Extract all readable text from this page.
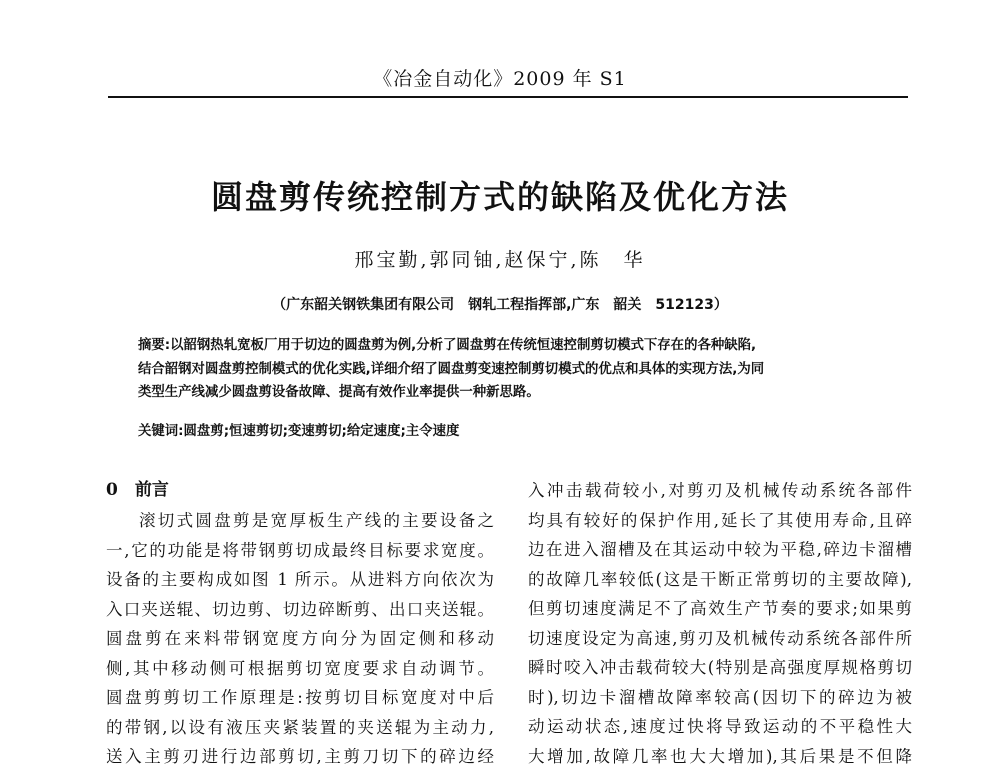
《冶金自动化》2009 年 S1
圆盘剪传统控制方式的缺陷及优化方法
邢宝勤,郭同铀,赵保宁,陈　华
（广东韶关钢铁集团有限公司　钢轧工程指挥部,广东　韶关　512123）

摘要:以韶钢热轧宽板厂用于切边的圆盘剪为例,分析了圆盘剪在传统恒速控制剪切模式下存在的各种缺陷,

结合韶钢对圆盘剪控制模式的优化实践,详细介绍了圆盘剪变速控制剪切模式的优点和具体的实现方法,为同

类型生产线减少圆盘剪设备故障、提高有效作业率提供一种新思路。

关键词:圆盘剪;恒速剪切;变速剪切;给定速度;主令速度
0　前言
滚切式圆盘剪是宽厚板生产线的主要设备之
一,它的功能是将带钢剪切成最终目标要求宽度。
设备的主要构成如图 1 所示。从进料方向依次为
入口夹送辊、切边剪、切边碎断剪、出口夹送辊。
圆盘剪在来料带钢宽度方向分为固定侧和移动
侧,其中移动侧可根据剪切宽度要求自动调节。
圆盘剪剪切工作原理是:按剪切目标宽度对中后
的带钢,以设有液压夹紧装置的夹送辊为主动力,
送入主剪刃进行边部剪切,主剪刀切下的碎边经
入冲击载荷较小,对剪刃及机械传动系统各部件
均具有较好的保护作用,延长了其使用寿命,且碎
边在进入溜槽及在其运动中较为平稳,碎边卡溜槽
的故障几率较低(这是干断正常剪切的主要故障),
但剪切速度满足不了高效生产节奏的要求;如果剪
切速度设定为高速,剪刃及机械传动系统各部件所
瞬时咬入冲击载荷较大(特别是高强度厚规格剪切
时),切边卡溜槽故障率较高(因切下的碎边为被
动运动状态,速度过快将导致运动的不平稳性大
大增加,故障几率也大大增加),其后果是不但降
